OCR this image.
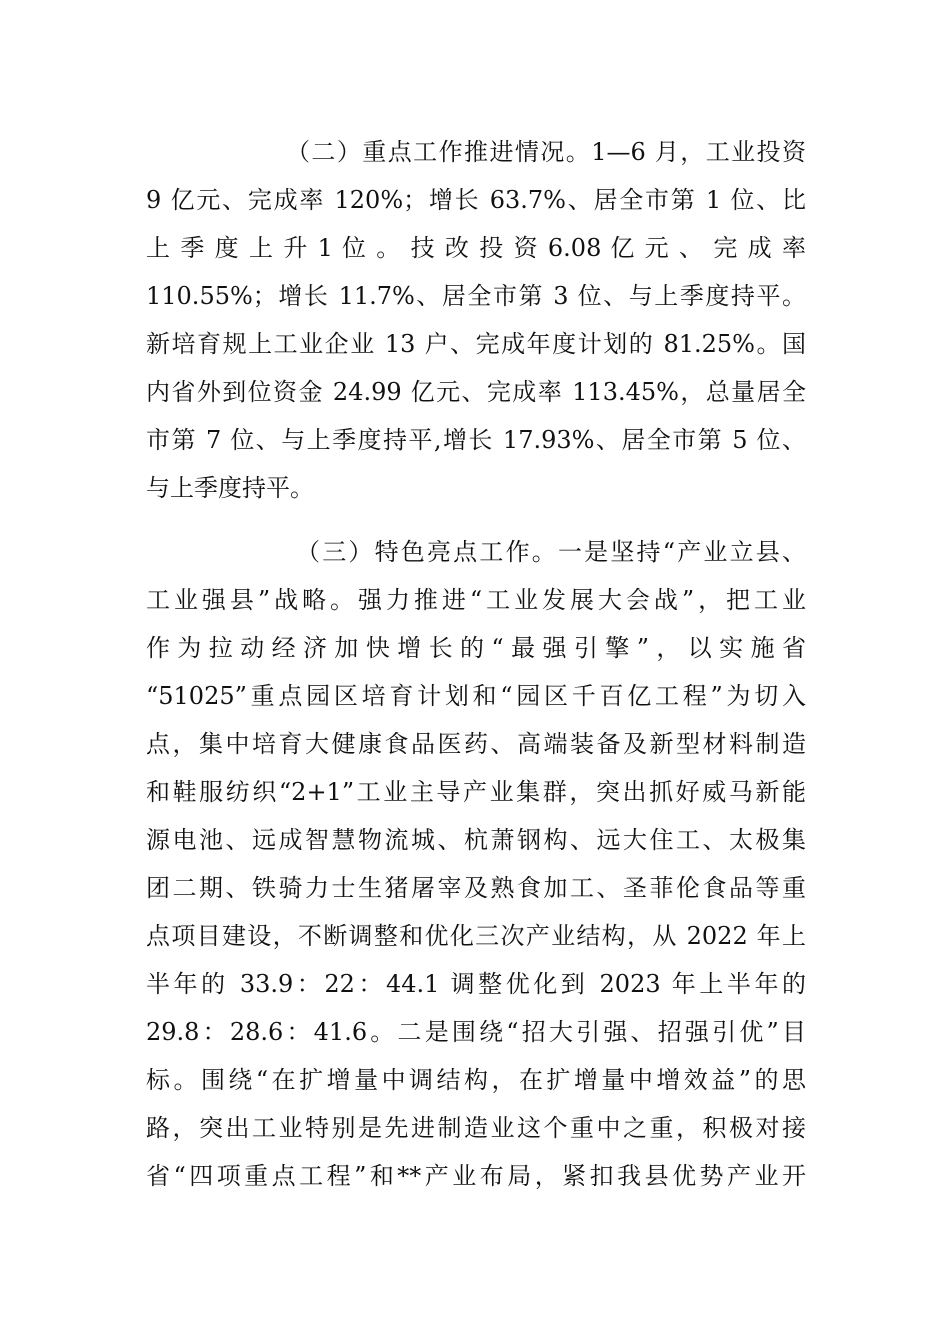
（二）重点工作推进情况。1—6 月，工业投资
9 亿元、完成率 120%；增长 63.7%、居全市第 1 位、比
上 季 度 上 升 1 位 。 技 改 投 资 6.08 亿 元 、 完 成 率
110.55%；增长 11.7%、居全市第 3 位、与上季度持平。
新培育规上工业企业 13 户、完成年度计划的 81.25%。国
内省外到位资金 24.99 亿元、完成率 113.45%，总量居全
市第 7 位、与上季度持平,增长 17.93%、居全市第 5 位、
与上季度持平。
（三）特色亮点工作。一是坚持“产业立县、
工业强县”战略。强力推进“工业发展大会战”，把工业
作为拉动经济加快增长的“最强引擎”，以实施省
“51025”重点园区培育计划和“园区千百亿工程”为切入
点，集中培育大健康食品医药、高端装备及新型材料制造
和鞋服纺织“2+1”工业主导产业集群，突出抓好威马新能
源电池、远成智慧物流城、杭萧钢构、远大住工、太极集
团二期、铁骑力士生猪屠宰及熟食加工、圣菲伦食品等重
点项目建设，不断调整和优化三次产业结构，从 2022 年上
半年的 33.9：22：44.1 调整优化到 2023 年上半年的
29.8：28.6：41.6。二是围绕“招大引强、招强引优”目
标。围绕“在扩增量中调结构，在扩增量中增效益”的思
路，突出工业特别是先进制造业这个重中之重，积极对接
省“四项重点工程”和**产业布局，紧扣我县优势产业开
